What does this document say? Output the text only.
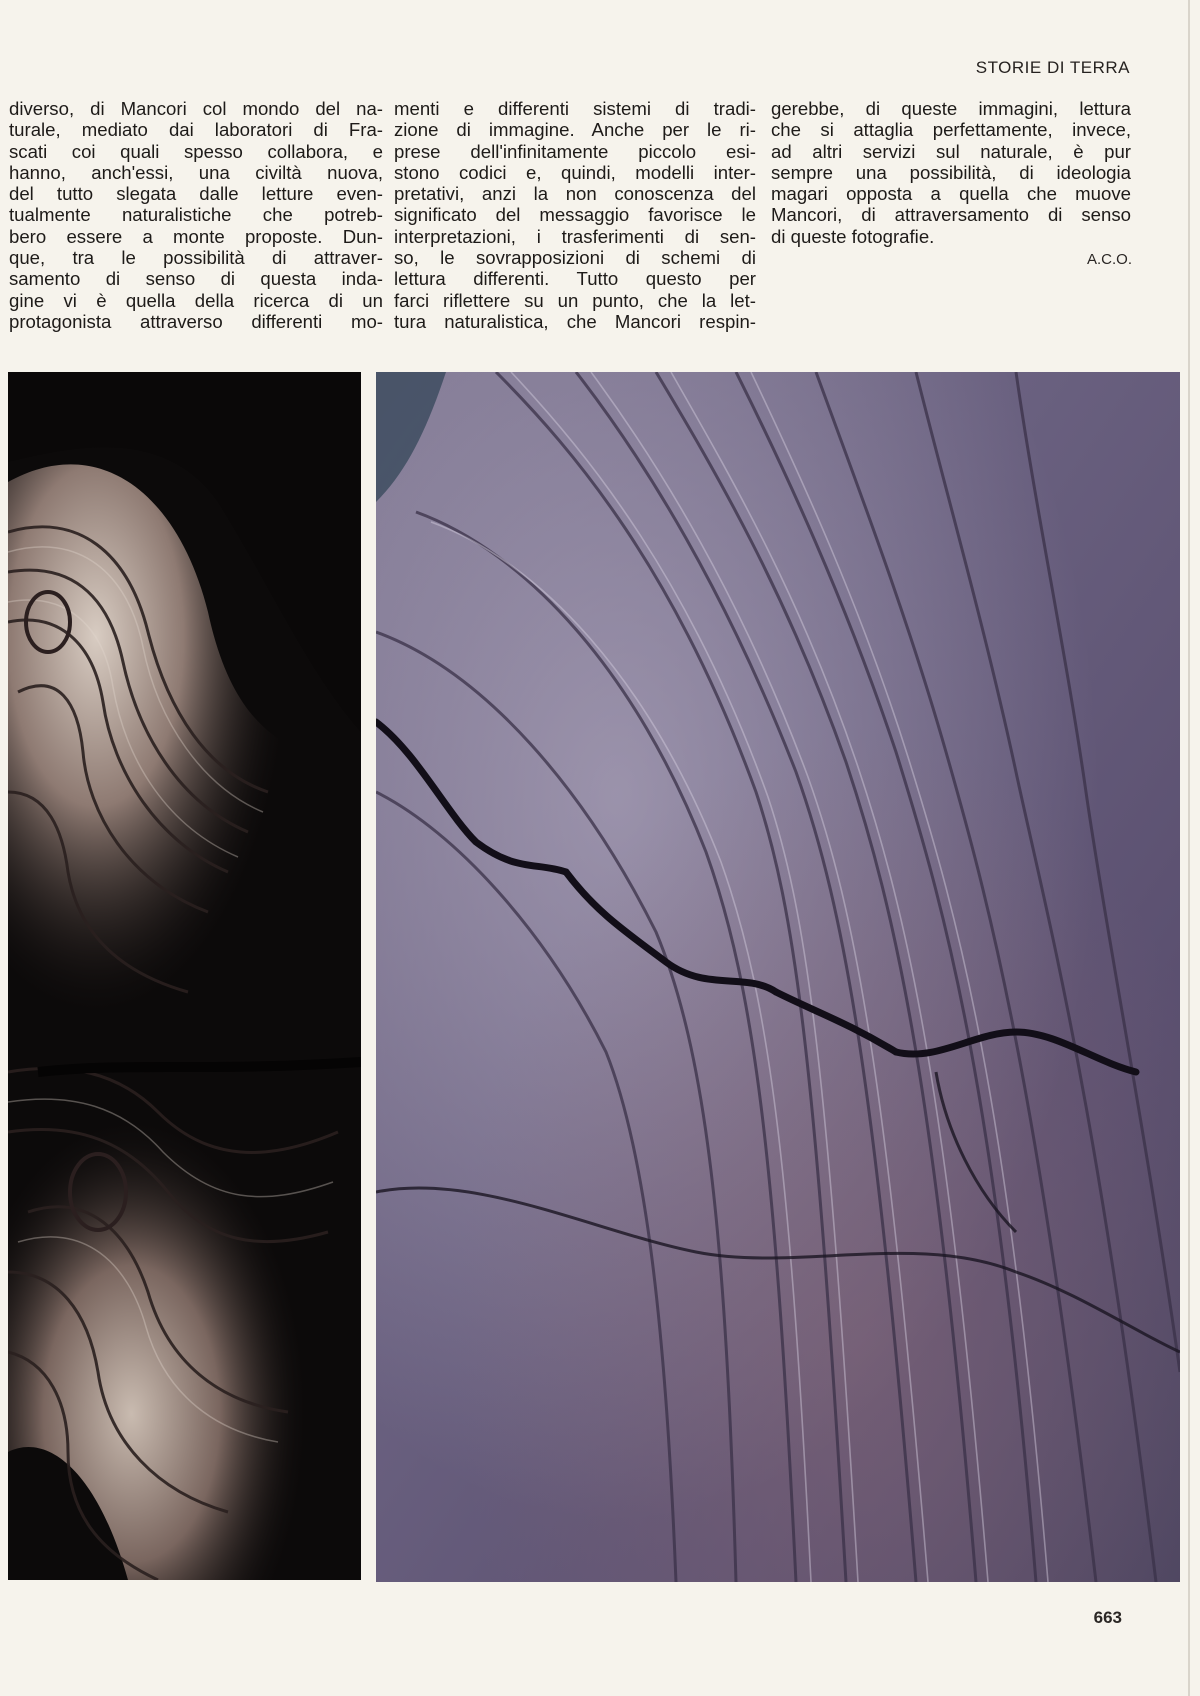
STORIE DI TERRA
diverso, di Mancori col mondo del na-
turale, mediato dai laboratori di Fra-
scati coi quali spesso collabora, e
hanno, anch'essi, una civiltà nuova,
del tutto slegata dalle letture even-
tualmente naturalistiche che potreb-
bero essere a monte proposte. Dun-
que, tra le possibilità di attraver-
samento di senso di questa inda-
gine vi è quella della ricerca di un
protagonista attraverso differenti mo-
menti e differenti sistemi di tradi-
zione di immagine. Anche per le ri-
prese dell'infinitamente piccolo esi-
stono codici e, quindi, modelli inter-
pretativi, anzi la non conoscenza del
significato del messaggio favorisce le
interpretazioni, i trasferimenti di sen-
so, le sovrapposizioni di schemi di
lettura differenti. Tutto questo per
farci riflettere su un punto, che la let-
tura naturalistica, che Mancori respin-
gerebbe, di queste immagini, lettura
che si attaglia perfettamente, invece,
ad altri servizi sul naturale, è pur
sempre una possibilità, di ideologia
magari opposta a quella che muove
Mancori, di attraversamento di senso
di queste fotografie.
A.C.O.
663
